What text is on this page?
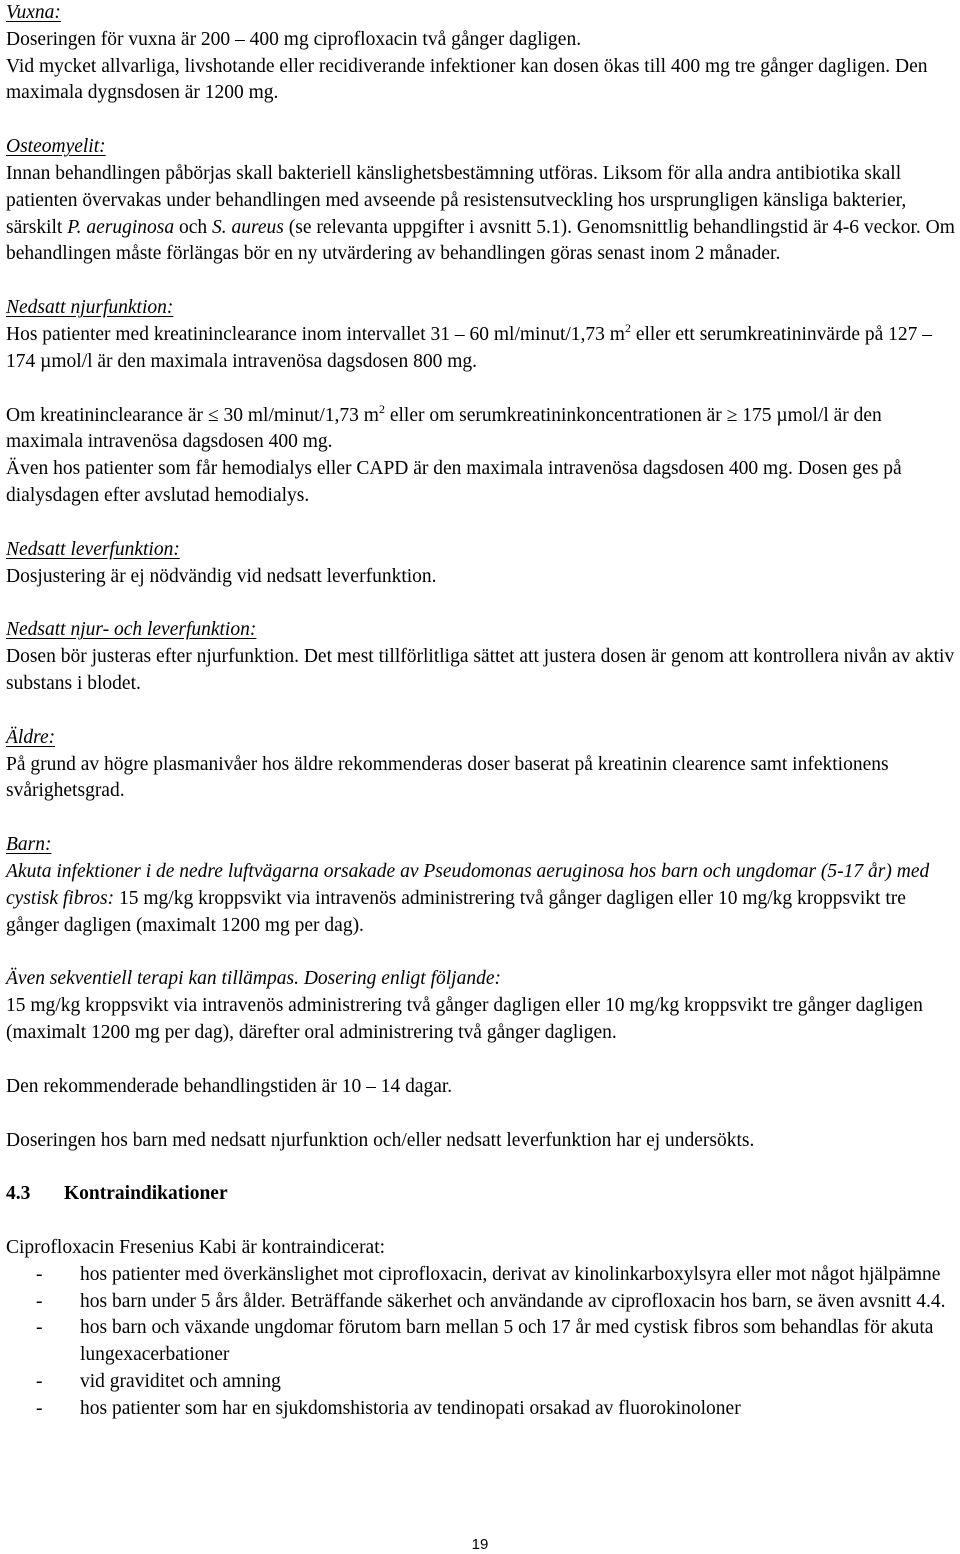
Vuxna:
Doseringen för vuxna är 200 – 400 mg ciprofloxacin två gånger dagligen.
Vid mycket allvarliga, livshotande eller recidiverande infektioner kan dosen ökas till 400 mg tre gånger dagligen. Den maximala dygnsdosen är 1200 mg.
Osteomyelit:
Innan behandlingen påbörjas skall bakteriell känslighetsbestämning utföras. Liksom för alla andra antibiotika skall patienten övervakas under behandlingen med avseende på resistensutveckling hos ursprungligen känsliga bakterier, särskilt P. aeruginosa och S. aureus (se relevanta uppgifter i avsnitt 5.1). Genomsnittlig behandlingstid är 4-6 veckor. Om behandlingen måste förlängas bör en ny utvärdering av behandlingen göras senast inom 2 månader.
Nedsatt njurfunktion:
Hos patienter med kreatininclearance inom intervallet 31 – 60 ml/minut/1,73 $m^2$ eller ett serumkreatininvärde på 127 – 174 µmol/l är den maximala intravenösa dagsdosen 800 mg.
Om kreatininclearance är ≤ 30 ml/minut/1,73 $m^2$ eller om serumkreatininkoncentrationen är ≥ 175 µmol/l är den maximala intravenösa dagsdosen 400 mg.
Även hos patienter som får hemodialys eller CAPD är den maximala intravenösa dagsdosen 400 mg. Dosen ges på dialysdagen efter avslutad hemodialys.
Nedsatt leverfunktion:
Dosjustering är ej nödvändig vid nedsatt leverfunktion.
Nedsatt njur- och leverfunktion:
Dosen bör justeras efter njurfunktion. Det mest tillförlitliga sättet att justera dosen är genom att kontrollera nivån av aktiv substans i blodet.
Äldre:
På grund av högre plasmanivåer hos äldre rekommenderas doser baserat på kreatinin clearence samt infektionens svårighetsgrad.
Barn:
Akuta infektioner i de nedre luftvägarna orsakade av Pseudomonas aeruginosa hos barn och ungdomar (5-17 år) med cystisk fibros: 15 mg/kg kroppsvikt via intravenös administrering två gånger dagligen eller 10 mg/kg kroppsvikt tre gånger dagligen (maximalt 1200 mg per dag).
Även sekventiell terapi kan tillämpas. Dosering enligt följande:
15 mg/kg kroppsvikt via intravenös administrering två gånger dagligen eller 10 mg/kg kroppsvikt tre gånger dagligen (maximalt 1200 mg per dag), därefter oral administrering två gånger dagligen.
Den rekommenderade behandlingstiden är 10 – 14 dagar.
Doseringen hos barn med nedsatt njurfunktion och/eller nedsatt leverfunktion har ej undersökts.
4.3	Kontraindikationer
Ciprofloxacin Fresenius Kabi är kontraindicerat:
-	hos patienter med överkänslighet mot ciprofloxacin, derivat av kinolinkarboxylsyra eller mot något hjälpämne
-	hos barn under 5 års ålder. Beträffande säkerhet och användande av ciprofloxacin hos barn, se även avsnitt 4.4.
-	hos barn och växande ungdomar förutom barn mellan 5 och 17 år med cystisk fibros som behandlas för akuta lungexacerbationer
-	vid graviditet och amning
-	hos patienter som har en sjukdomshistoria av tendinopati orsakad av fluorokinoloner
19
